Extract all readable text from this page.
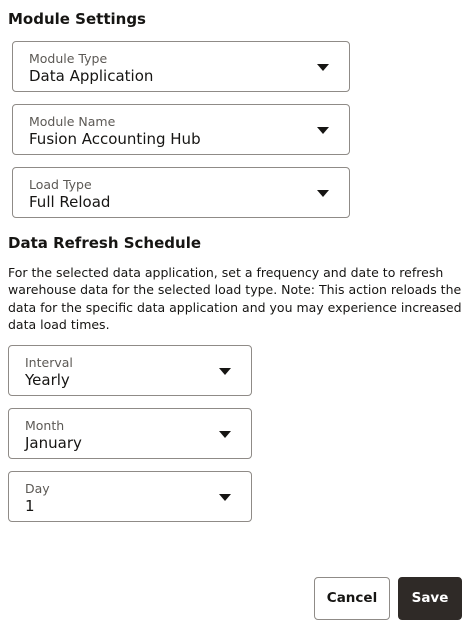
Module Settings
Module Type
Data Application
Module Name
Fusion Accounting Hub
Load Type
Full Reload
Data Refresh Schedule

For the selected data application, set a frequency and date to refresh warehouse data for the selected load type. Note: This action reloads the data for the specific data application and you may experience increased data load times.

Interval
Yearly
Month
January
Day
1
Cancel	Save
